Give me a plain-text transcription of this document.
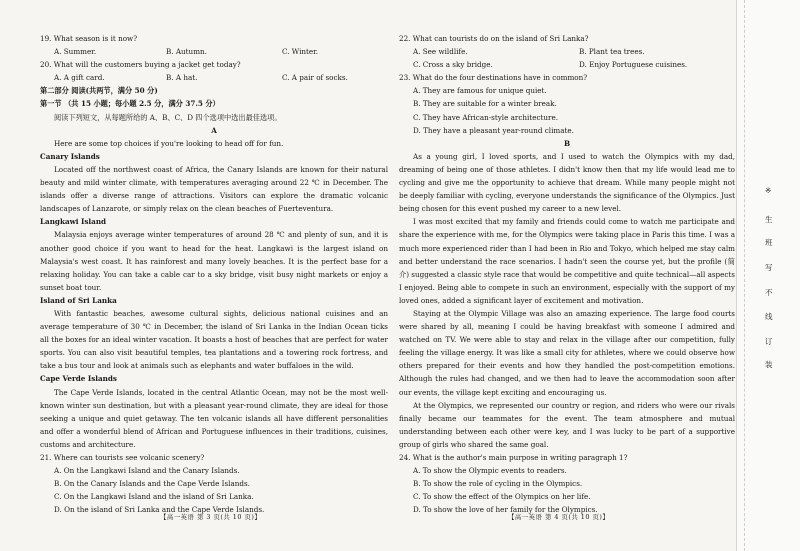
19. What season is it now?
A. Summer.	B. Autumn.	C. Winter.
20. What will the customers buying a jacket get today?
A. A gift card.	B. A hat.	C. A pair of socks.
第二部分 阅读(共两节，满分 50 分)
第一节 （共 15 小题；每小题 2.5 分，满分 37.5 分）
阅读下列短文，从每题所给的 A、B、C、D 四个选项中选出最佳选项。
A
Here are some top choices if you're looking to head off for fun.
Canary Islands
Located off the northwest coast of Africa, the Canary Islands are known for their natural beauty and mild winter climate, with temperatures averaging around 22 ℃ in December. The islands offer a diverse range of attractions. Visitors can explore the dramatic volcanic landscapes of Lanzarote, or simply relax on the clean beaches of Fuerteventura.
Langkawi Island
Malaysia enjoys average winter temperatures of around 28 ℃ and plenty of sun, and it is another good choice if you want to head for the heat. Langkawi is the largest island on Malaysia's west coast. It has rainforest and many lovely beaches. It is the perfect base for a relaxing holiday. You can take a cable car to a sky bridge, visit busy night markets or enjoy a sunset boat tour.
Island of Sri Lanka
With fantastic beaches, awesome cultural sights, delicious national cuisines and an average temperature of 30 ℃ in December, the island of Sri Lanka in the Indian Ocean ticks all the boxes for an ideal winter vacation. It boasts a host of beaches that are perfect for water sports. You can also visit beautiful temples, tea plantations and a towering rock fortress, and take a bus tour and look at animals such as elephants and water buffaloes in the wild.
Cape Verde Islands
The Cape Verde Islands, located in the central Atlantic Ocean, may not be the most well-known winter sun destination, but with a pleasant year-round climate, they are ideal for those seeking a unique and quiet getaway. The ten volcanic islands all have different personalities and offer a wonderful blend of African and Portuguese influences in their traditions, cuisines, customs and architecture.
21. Where can tourists see volcanic scenery?
A. On the Langkawi Island and the Canary Islands.
B. On the Canary Islands and the Cape Verde Islands.
C. On the Langkawi Island and the island of Sri Lanka.
D. On the island of Sri Lanka and the Cape Verde Islands.
【高一英语 第 3 页(共 10 页)】
22. What can tourists do on the island of Sri Lanka?
A. See wildlife.	B. Plant tea trees.
C. Cross a sky bridge.	D. Enjoy Portuguese cuisines.
23. What do the four destinations have in common?
A. They are famous for unique quiet.
B. They are suitable for a winter break.
C. They have African-style architecture.
D. They have a pleasant year-round climate.
B
As a young girl, I loved sports, and I used to watch the Olympics with my dad, dreaming of being one of those athletes. I didn't know then that my life would lead me to cycling and give me the opportunity to achieve that dream. While many people might not be deeply familiar with cycling, everyone understands the significance of the Olympics. Just being chosen for this event pushed my career to a new level.
I was most excited that my family and friends could come to watch me participate and share the experience with me, for the Olympics were taking place in Paris this time. I was a much more experienced rider than I had been in Rio and Tokyo, which helped me stay calm and better understand the race scenarios. I hadn't seen the course yet, but the profile (简介) suggested a classic style race that would be competitive and quite technical—all aspects I enjoyed. Being able to compete in such an environment, especially with the support of my loved ones, added a significant layer of excitement and motivation.
Staying at the Olympic Village was also an amazing experience. The large food courts were shared by all, meaning I could be having breakfast with someone I admired and watched on TV. We were able to stay and relax in the village after our competition, fully feeling the village energy. It was like a small city for athletes, where we could observe how others prepared for their events and how they handled the post-competition emotions. Although the rules had changed, and we then had to leave the accommodation soon after our events, the village kept exciting and encouraging us.
At the Olympics, we represented our country or region, and riders who were our rivals finally became our teammates for the event. The team atmosphere and mutual understanding between each other were key, and I was lucky to be part of a supportive group of girls who shared the same goal.
24. What is the author's main purpose in writing paragraph 1?
A. To show the Olympic events to readers.
B. To show the role of cycling in the Olympics.
C. To show the effect of the Olympics on her life.
D. To show the love of her family for the Olympics.
【高一英语 第 4 页(共 10 页)】
※
生
班
写
不
线
订
装
